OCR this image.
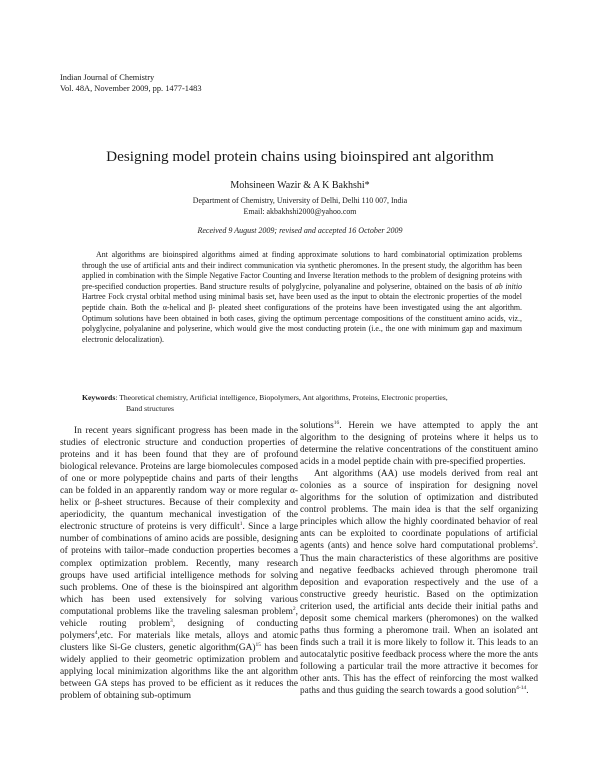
Indian Journal of Chemistry
Vol. 48A, November 2009, pp. 1477-1483
Designing model protein chains using bioinspired ant algorithm
Mohsineen Wazir & A K Bakhshi*
Department of Chemistry, University of Delhi, Delhi 110 007, India
Email: akbakhshi2000@yahoo.com
Received 9 August 2009; revised and accepted 16 October 2009
Ant algorithms are bioinspired algorithms aimed at finding approximate solutions to hard combinatorial optimization problems through the use of artificial ants and their indirect communication via synthetic pheromones. In the present study, the algorithm has been applied in combination with the Simple Negative Factor Counting and Inverse Iteration methods to the problem of designing proteins with pre-specified conduction properties. Band structure results of polyglycine, polyanaline and polyserine, obtained on the basis of ab initio Hartree Fock crystal orbital method using minimal basis set, have been used as the input to obtain the electronic properties of the model peptide chain. Both the α-helical and β- pleated sheet configurations of the proteins have been investigated using the ant algorithm. Optimum solutions have been obtained in both cases, giving the optimum percentage compositions of the constituent amino acids, viz., polyglycine, polyalanine and polyserine, which would give the most conducting protein (i.e., the one with minimum gap and maximum electronic delocalization).
Keywords: Theoretical chemistry, Artificial intelligence, Biopolymers, Ant algorithms, Proteins, Electronic properties,
Band structures

In recent years significant progress has been made in the studies of electronic structure and conduction properties of proteins and it has been found that they are of profound biological relevance. Proteins are large biomolecules composed of one or more polypeptide chains and parts of their lengths can be folded in an apparently random way or more regular α-helix or β-sheet structures. Because of their complexity and aperiodicity, the quantum mechanical investigation of the electronic structure of proteins is very difficult$^1$. Since a large number of combinations of amino acids are possible, designing of proteins with tailor–made conduction properties becomes a complex optimization problem. Recently, many research groups have used artificial intelligence methods for solving such problems. One of these is the bioinspired ant algorithm which has been used extensively for solving various computational problems like the traveling salesman problem$^2$, vehicle routing problem$^3$, designing of conducting polymers$^4$,etc. For materials like metals, alloys and atomic clusters like Si-Ge clusters, genetic algorithm(GA)$^{15}$ has been widely applied to their geometric optimization problem and applying local minimization algorithms like the ant algorithm between GA steps has proved to be efficient as it reduces the problem of obtaining sub-optimum

solutions$^{16}$. Herein we have attempted to apply the ant algorithm to the designing of proteins where it helps us to determine the relative concentrations of the constituent amino acids in a model peptide chain with pre-specified properties.

Ant algorithms (AA) use models derived from real ant colonies as a source of inspiration for designing novel algorithms for the solution of optimization and distributed control problems. The main idea is that the self organizing principles which allow the highly coordinated behavior of real ants can be exploited to coordinate populations of artificial agents (ants) and hence solve hard computational problems$^2$. Thus the main characteristics of these algorithms are positive and negative feedbacks achieved through pheromone trail deposition and evaporation respectively and the use of a constructive greedy heuristic. Based on the optimization criterion used, the artificial ants decide their initial paths and deposit some chemical markers (pheromones) on the walked paths thus forming a pheromone trail. When an isolated ant finds such a trail it is more likely to follow it. This leads to an autocatalytic positive feedback process where the more the ants following a particular trail the more attractive it becomes for other ants. This has the effect of reinforcing the most walked paths and thus guiding the search towards a good solution$^{4-14}$.
